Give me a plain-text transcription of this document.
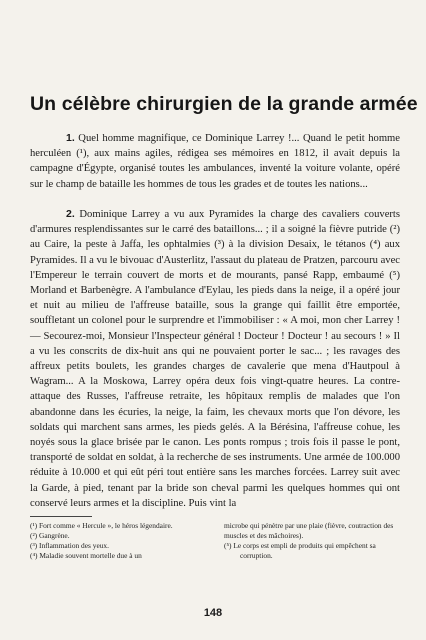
Un célèbre chirurgien de la grande armée

1. Quel homme magnifique, ce Dominique Larrey !... Quand le petit homme herculéen (¹), aux mains agiles, rédigea ses mémoires en 1812, il avait depuis la campagne d'Égypte, organisé toutes les ambulances, inventé la voiture volante, opéré sur le champ de bataille les hommes de tous les grades et de toutes les nations...

2. Dominique Larrey a vu aux Pyramides la charge des cavaliers couverts d'armures resplendissantes sur le carré des bataillons... ; il a soigné la fièvre putride (²) au Caire, la peste à Jaffa, les ophtalmies (³) à la division Desaix, le tétanos (⁴) aux Pyramides. Il a vu le bivouac d'Austerlitz, l'assaut du plateau de Pratzen, parcouru avec l'Empereur le terrain couvert de morts et de mourants, pansé Rapp, embaumé (⁵) Morland et Barbenègre. A l'ambulance d'Eylau, les pieds dans la neige, il a opéré jour et nuit au milieu de l'affreuse bataille, sous la grange qui faillit être emportée, souffletant un colonel pour le surprendre et l'immobiliser : « A moi, mon cher Larrey ! — Secourez-moi, Monsieur l'Inspecteur général ! Docteur ! Docteur ! au secours ! » Il a vu les conscrits de dix-huit ans qui ne pouvaient porter le sac... ; les ravages des affreux petits boulets, les grandes charges de cavalerie que mena d'Hautpoul à Wagram... A la Moskowa, Larrey opéra deux fois vingt-quatre heures. La contre-attaque des Russes, l'affreuse retraite, les hôpitaux remplis de malades que l'on abandonne dans les écuries, la neige, la faim, les chevaux morts que l'on dévore, les soldats qui marchent sans armes, les pieds gelés. A la Bérésina, l'affreuse cohue, les noyés sous la glace brisée par le canon. Les ponts rompus ; trois fois il passe le pont, transporté de soldat en soldat, à la recherche de ses instruments. Une armée de 100.000 réduite à 10.000 et qui eût péri tout entière sans les marches forcées. Larrey suit avec la Garde, à pied, tenant par la bride son cheval parmi les quelques hommes qui ont conservé leurs armes et la discipline. Puis vint la

(¹) Fort comme « Hercule », le héros légendaire.

(²) Gangrène.

(³) Inflammation des yeux.

(⁴) Maladie souvent mortelle due à un

microbe qui pénètre par une plaie (fièvre, coutraction des muscles et des mâchoires).

(⁵) Le corps est empli de produits qui empêchent sa corruption.

148
